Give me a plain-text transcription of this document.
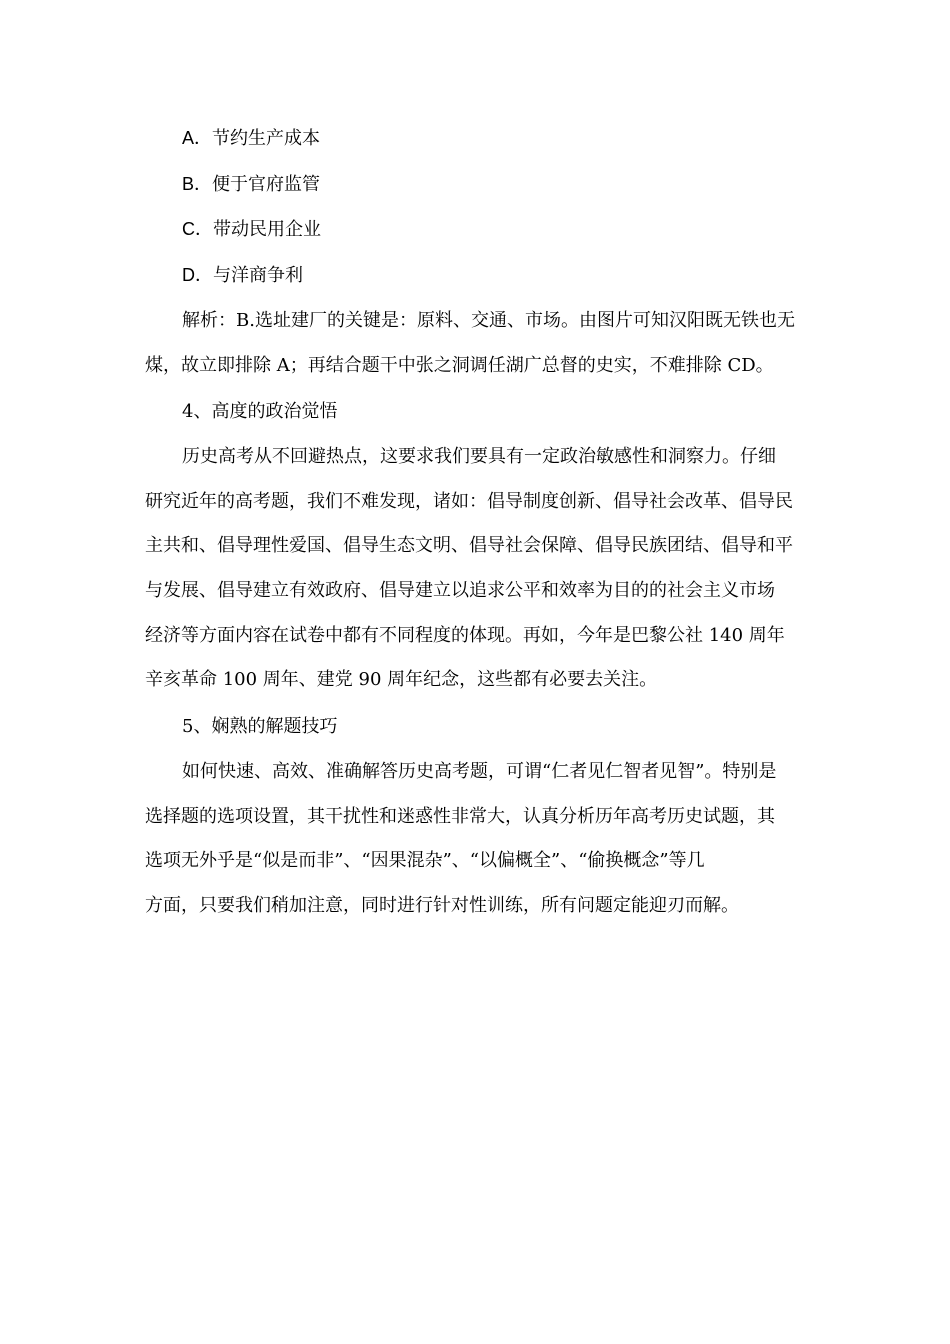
A．节约生产成本
B．便于官府监管
C．带动民用企业
D．与洋商争利
解析：B.选址建厂的关键是：原料、交通、市场。由图片可知汉阳既无铁也无
煤，故立即排除 A；再结合题干中张之洞调任湖广总督的史实，不难排除 CD。
4、高度的政治觉悟
历史高考从不回避热点，这要求我们要具有一定政治敏感性和洞察力。仔细
研究近年的高考题，我们不难发现，诸如：倡导制度创新、倡导社会改革、倡导民
主共和、倡导理性爱国、倡导生态文明、倡导社会保障、倡导民族团结、倡导和平
与发展、倡导建立有效政府、倡导建立以追求公平和效率为目的的社会主义市场
经济等方面内容在试卷中都有不同程度的体现。再如，今年是巴黎公社 140 周年
辛亥革命 100 周年、建党 90 周年纪念，这些都有必要去关注。
5、娴熟的解题技巧
如何快速、高效、准确解答历史高考题，可谓“仁者见仁智者见智”。特别是
选择题的选项设置，其干扰性和迷惑性非常大，认真分析历年高考历史试题，其
选项无外乎是“似是而非”、“因果混杂”、“以偏概全”、“偷换概念”等几
方面，只要我们稍加注意，同时进行针对性训练，所有问题定能迎刃而解。
